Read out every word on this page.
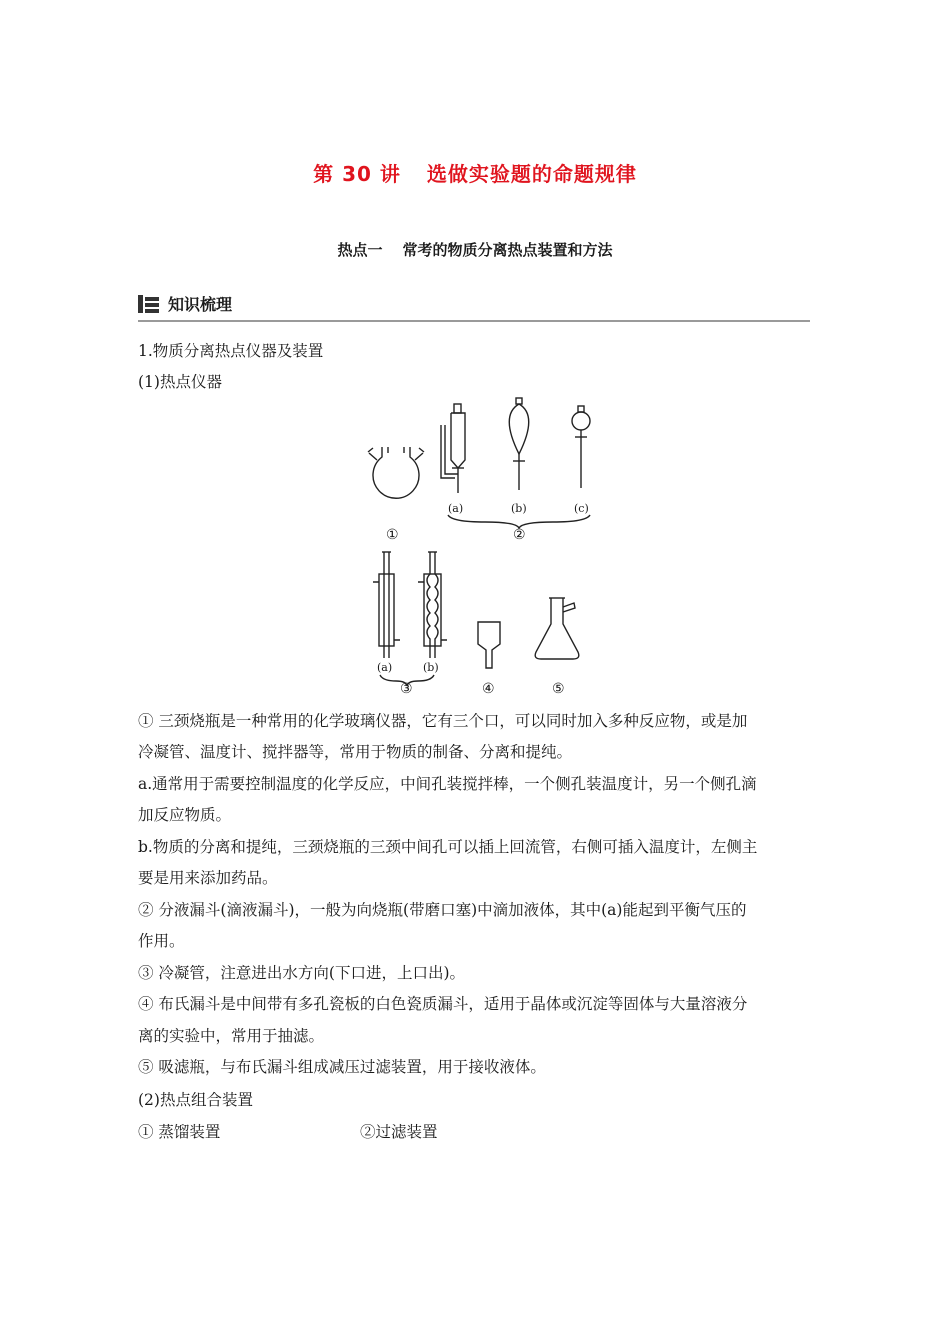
第 30 讲 选做实验题的命题规律
热点一 常考的物质分离热点装置和方法
知识梳理
1.物质分离热点仪器及装置
(1)热点仪器
(a)	(b)	(c)
①	②
(a)	(b)
③	④	⑤
① 三颈烧瓶是一种常用的化学玻璃仪器，它有三个口，可以同时加入多种反应物，或是加
冷凝管、温度计、搅拌器等，常用于物质的制备、分离和提纯。
a.通常用于需要控制温度的化学反应，中间孔装搅拌棒，一个侧孔装温度计，另一个侧孔滴
加反应物质。
b.物质的分离和提纯，三颈烧瓶的三颈中间孔可以插上回流管，右侧可插入温度计，左侧主
要是用来添加药品。
② 分液漏斗(滴液漏斗)，一般为向烧瓶(带磨口塞)中滴加液体，其中(a)能起到平衡气压的
作用。
③ 冷凝管，注意进出水方向(下口进，上口出)。
④ 布氏漏斗是中间带有多孔瓷板的白色瓷质漏斗，适用于晶体或沉淀等固体与大量溶液分
离的实验中，常用于抽滤。
⑤ 吸滤瓶，与布氏漏斗组成减压过滤装置，用于接收液体。
(2)热点组合装置
① 蒸馏装置	②过滤装置
